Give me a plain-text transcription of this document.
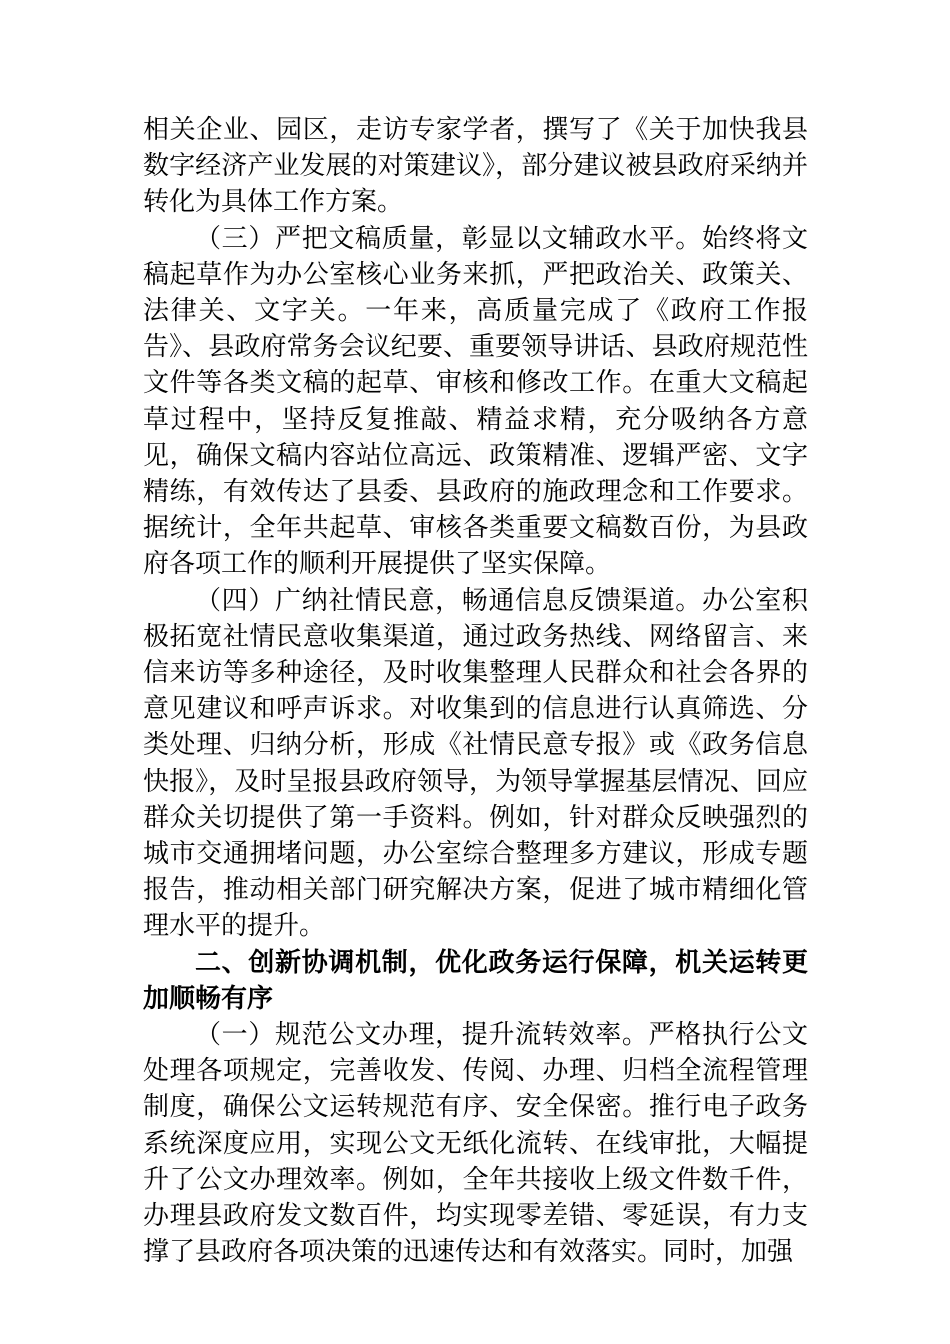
相关企业、园区，走访专家学者，撰写了《关于加快我县数字经济产业发展的对策建议》，部分建议被县政府采纳并转化为具体工作方案。

（三）严把文稿质量，彰显以文辅政水平。始终将文稿起草作为办公室核心业务来抓，严把政治关、政策关、法律关、文字关。一年来，高质量完成了《政府工作报告》、县政府常务会议纪要、重要领导讲话、县政府规范性文件等各类文稿的起草、审核和修改工作。在重大文稿起草过程中，坚持反复推敲、精益求精，充分吸纳各方意见，确保文稿内容站位高远、政策精准、逻辑严密、文字精练，有效传达了县委、县政府的施政理念和工作要求。据统计，全年共起草、审核各类重要文稿数百份，为县政府各项工作的顺利开展提供了坚实保障。

（四）广纳社情民意，畅通信息反馈渠道。办公室积极拓宽社情民意收集渠道，通过政务热线、网络留言、来信来访等多种途径，及时收集整理人民群众和社会各界的意见建议和呼声诉求。对收集到的信息进行认真筛选、分类处理、归纳分析，形成《社情民意专报》或《政务信息快报》，及时呈报县政府领导，为领导掌握基层情况、回应群众关切提供了第一手资料。例如，针对群众反映强烈的城市交通拥堵问题，办公室综合整理多方建议，形成专题报告，推动相关部门研究解决方案，促进了城市精细化管理水平的提升。

二、创新协调机制，优化政务运行保障，机关运转更加顺畅有序

（一）规范公文办理，提升流转效率。严格执行公文处理各项规定，完善收发、传阅、办理、归档全流程管理制度，确保公文运转规范有序、安全保密。推行电子政务系统深度应用，实现公文无纸化流转、在线审批，大幅提升了公文办理效率。例如，全年共接收上级文件数千件，办理县政府发文数百件，均实现零差错、零延误，有力支撑了县政府各项决策的迅速传达和有效落实。同时，加强
